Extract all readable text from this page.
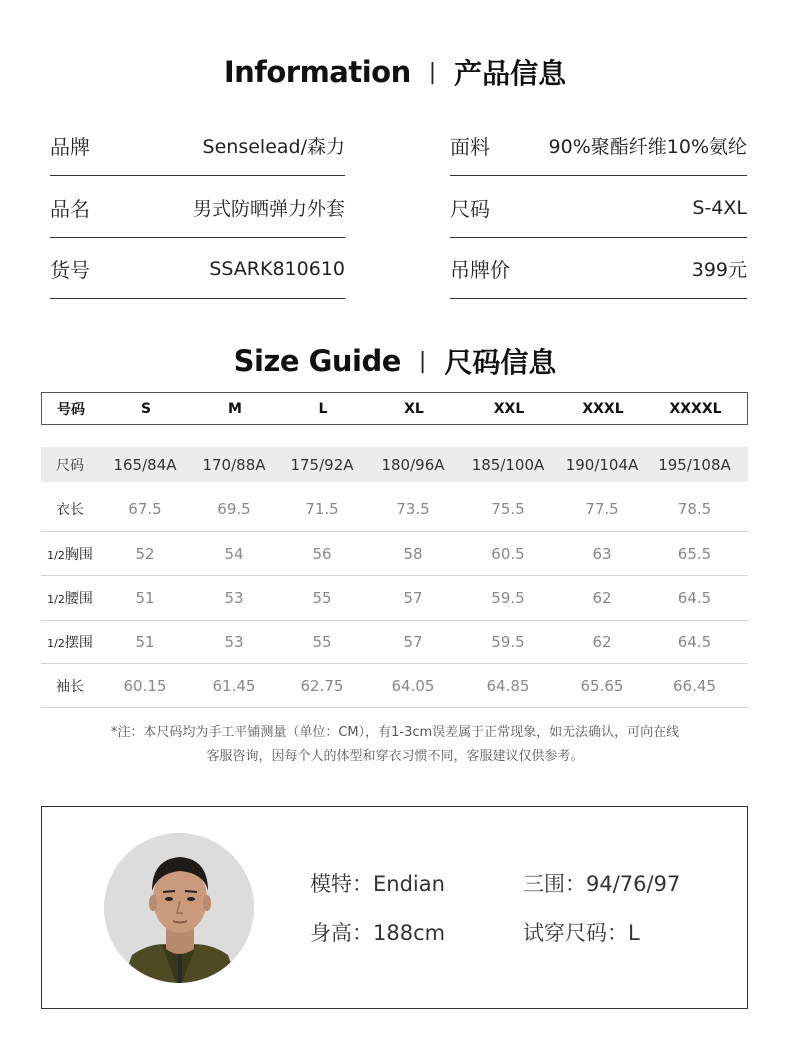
Information | 产品信息
品牌	Senselead/森力
品名	男式防晒弹力外套
货号	SSARK810610
面料	90%聚酯纤维10%氨纶
尺码	S-4XL
吊牌价	399元
Size Guide | 尺码信息
号码	S	M	L	XL	XXL	XXXL	XXXXL
尺码	165/84A	170/88A	175/92A	180/96A	185/100A	190/104A	195/108A
衣长	67.5	69.5	71.5	73.5	75.5	77.5	78.5
1/2胸围	52	54	56	58	60.5	63	65.5
1/2腰围	51	53	55	57	59.5	62	64.5
1/2摆围	51	53	55	57	59.5	62	64.5
袖长	60.15	61.45	62.75	64.05	64.85	65.65	66.45
*注：本尺码均为手工平铺测量（单位：CM），有1-3cm误差属于正常现象，如无法确认，可向在线
客服咨询，因每个人的体型和穿衣习惯不同，客服建议仅供参考。
模特：Endian	三围：94/76/97
身高：188cm	试穿尺码：L
